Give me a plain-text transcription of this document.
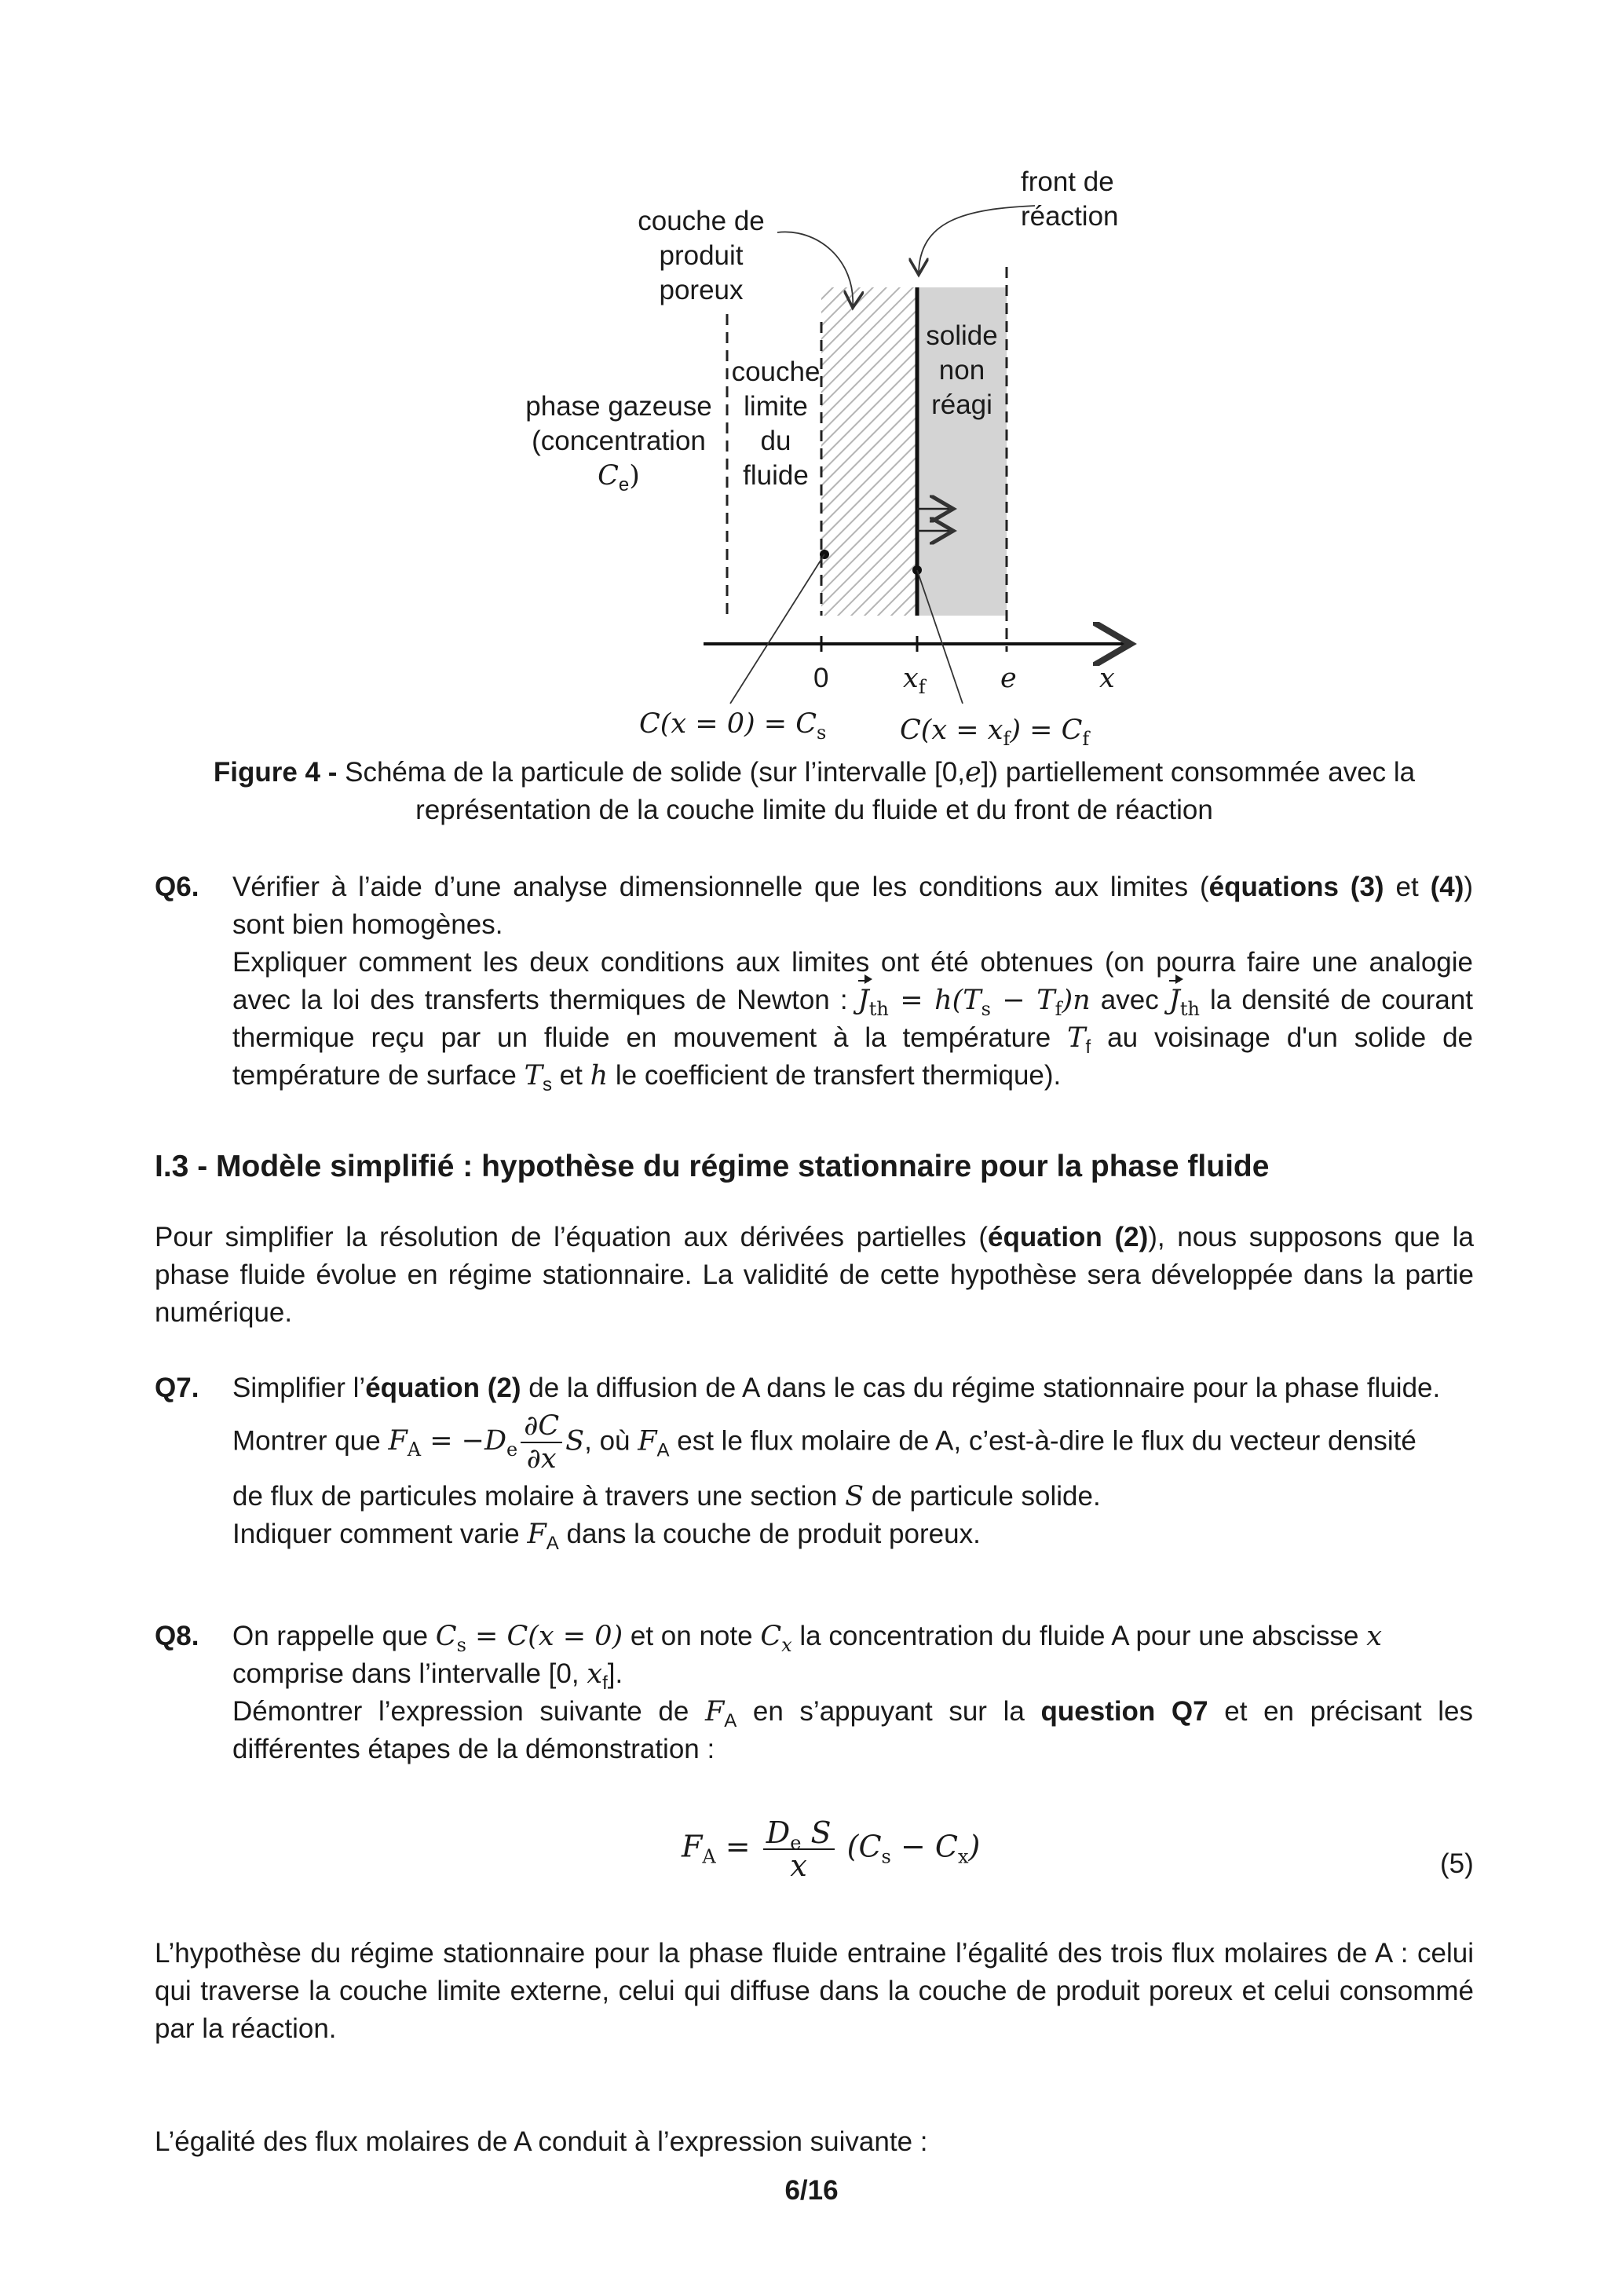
front de
réaction
couche de
produit
poreux
couche
limite
du
fluide
phase gazeuse
(concentration
$C_e$)
solide
non
réagi
0	$x_f$	e	x
$C(x = 0) = C_s$	$C(x = x_f) = C_f$
Figure 4 - Schéma de la particule de solide (sur l’intervalle [0,e]) partiellement consommée avec la
représentation de la couche limite du fluide et du front de réaction
Q6. Vérifier à l’aide d’une analyse dimensionnelle que les conditions aux limites (équations (3) et (4)) sont bien homogènes.
Expliquer comment les deux conditions aux limites ont été obtenues (on pourra faire une analogie avec la loi des transferts thermiques de Newton : $J_{th} = h(T_s - T_f)n$ avec $J_{th}$ la densité de courant thermique reçu par un fluide en mouvement à la température $T_f$ au voisinage d'un solide de température de surface $T_s$ et h le coefficient de transfert thermique).
I.3 - Modèle simplifié : hypothèse du régime stationnaire pour la phase fluide
Pour simplifier la résolution de l’équation aux dérivées partielles (équation (2)), nous supposons que la phase fluide évolue en régime stationnaire. La validité de cette hypothèse sera développée dans la partie numérique.
Q7. Simplifier l’équation (2) de la diffusion de A dans le cas du régime stationnaire pour la phase fluide.
Montrer que $F_A = -D_e \frac{\partial C}{\partial x} S$, où $F_A$ est le flux molaire de A, c’est-à-dire le flux du vecteur densité
de flux de particules molaire à travers une section S de particule solide.
Indiquer comment varie $F_A$ dans la couche de produit poreux.
Q8. On rappelle que $C_s = C(x = 0)$ et on note $C_x$ la concentration du fluide A pour une abscisse x
comprise dans l’intervalle [0, $x_f$].
Démontrer l’expression suivante de $F_A$ en s’appuyant sur la question Q7 et en précisant les différentes étapes de la démonstration :
$F_A = \frac{D_e S}{x} (C_s - C_x)$	(5)
L’hypothèse du régime stationnaire pour la phase fluide entraine l’égalité des trois flux molaires de A : celui qui traverse la couche limite externe, celui qui diffuse dans la couche de produit poreux et celui consommé par la réaction.
L’égalité des flux molaires de A conduit à l’expression suivante :
6/16
